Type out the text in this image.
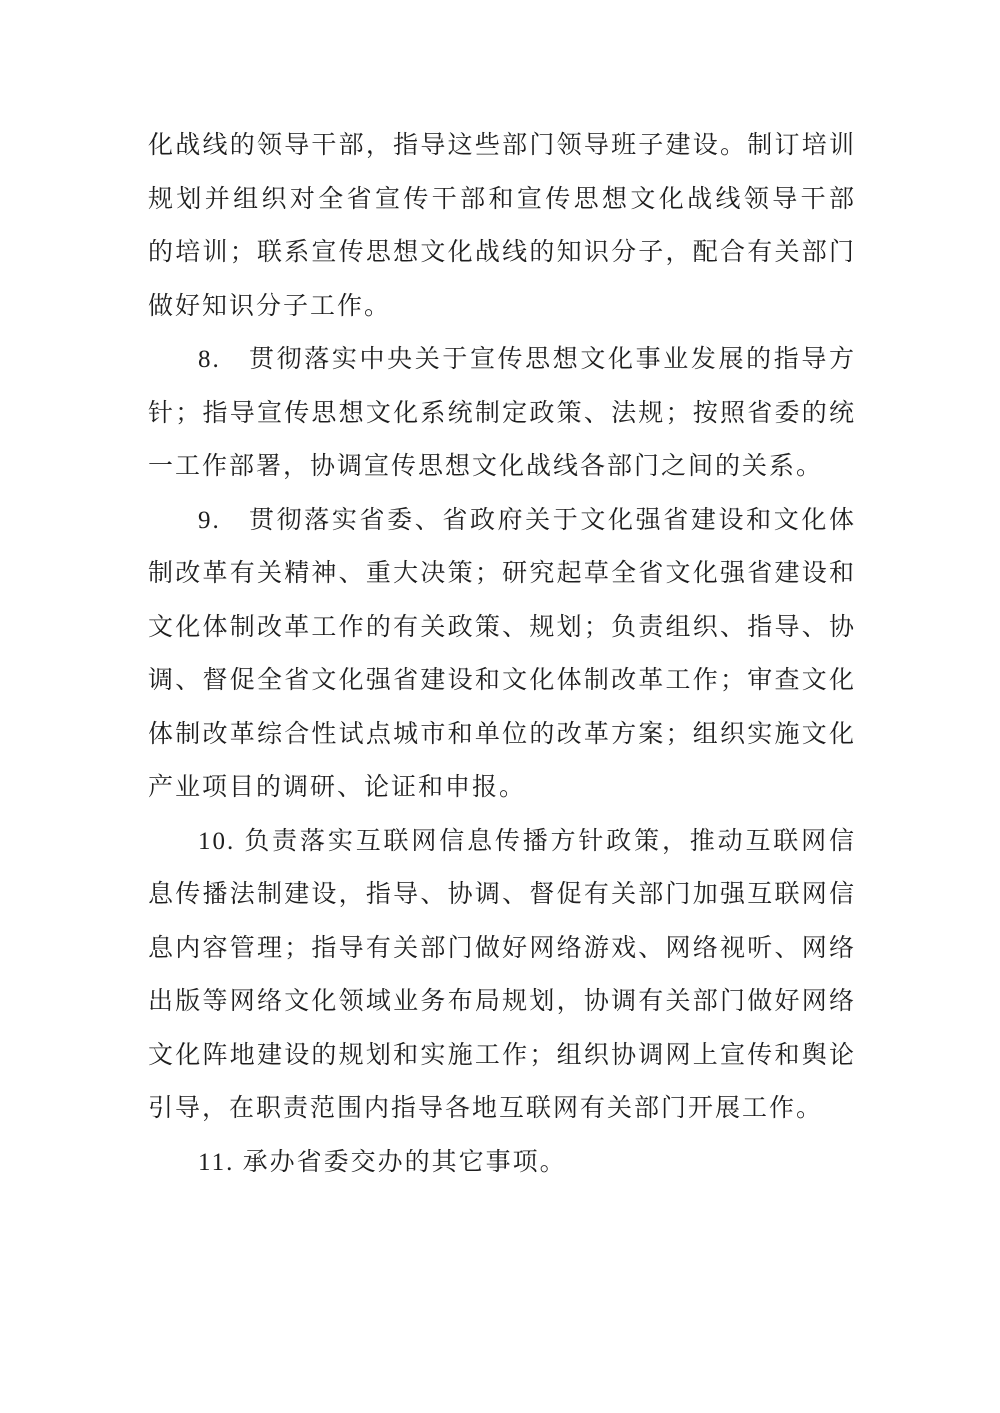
化战线的领导干部，指导这些部门领导班子建设。制订培训
规划并组织对全省宣传干部和宣传思想文化战线领导干部
的培训；联系宣传思想文化战线的知识分子，配合有关部门
做好知识分子工作。
8.　贯彻落实中央关于宣传思想文化事业发展的指导方
针；指导宣传思想文化系统制定政策、法规；按照省委的统
一工作部署，协调宣传思想文化战线各部门之间的关系。
9.　贯彻落实省委、省政府关于文化强省建设和文化体
制改革有关精神、重大决策；研究起草全省文化强省建设和
文化体制改革工作的有关政策、规划；负责组织、指导、协
调、督促全省文化强省建设和文化体制改革工作；审查文化
体制改革综合性试点城市和单位的改革方案；组织实施文化
产业项目的调研、论证和申报。
10. 负责落实互联网信息传播方针政策，推动互联网信
息传播法制建设，指导、协调、督促有关部门加强互联网信
息内容管理；指导有关部门做好网络游戏、网络视听、网络
出版等网络文化领域业务布局规划，协调有关部门做好网络
文化阵地建设的规划和实施工作；组织协调网上宣传和舆论
引导，在职责范围内指导各地互联网有关部门开展工作。
11. 承办省委交办的其它事项。
